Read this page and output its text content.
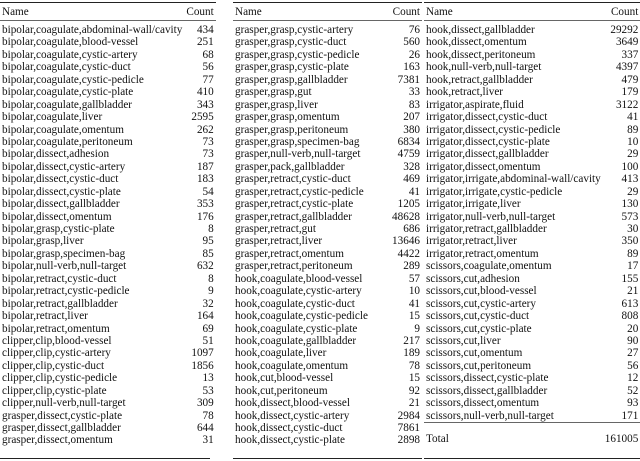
Name	Count
bipolar,coagulate,abdominal-wall/cavity	434
bipolar,coagulate,blood-vessel	251
bipolar,coagulate,cystic-artery	68
bipolar,coagulate,cystic-duct	56
bipolar,coagulate,cystic-pedicle	77
bipolar,coagulate,cystic-plate	410
bipolar,coagulate,gallbladder	343
bipolar,coagulate,liver	2595
bipolar,coagulate,omentum	262
bipolar,coagulate,peritoneum	73
bipolar,dissect,adhesion	73
bipolar,dissect,cystic-artery	187
bipolar,dissect,cystic-duct	183
bipolar,dissect,cystic-plate	54
bipolar,dissect,gallbladder	353
bipolar,dissect,omentum	176
bipolar,grasp,cystic-plate	8
bipolar,grasp,liver	95
bipolar,grasp,specimen-bag	85
bipolar,null-verb,null-target	632
bipolar,retract,cystic-duct	8
bipolar,retract,cystic-pedicle	9
bipolar,retract,gallbladder	32
bipolar,retract,liver	164
bipolar,retract,omentum	69
clipper,clip,blood-vessel	51
clipper,clip,cystic-artery	1097
clipper,clip,cystic-duct	1856
clipper,clip,cystic-pedicle	13
clipper,clip,cystic-plate	53
clipper,null-verb,null-target	309
grasper,dissect,cystic-plate	78
grasper,dissect,gallbladder	644
grasper,dissect,omentum	31
Name	Count
grasper,grasp,cystic-artery	76
grasper,grasp,cystic-duct	560
grasper,grasp,cystic-pedicle	26
grasper,grasp,cystic-plate	163
grasper,grasp,gallbladder	7381
grasper,grasp,gut	33
grasper,grasp,liver	83
grasper,grasp,omentum	207
grasper,grasp,peritoneum	380
grasper,grasp,specimen-bag	6834
grasper,null-verb,null-target	4759
grasper,pack,gallbladder	328
grasper,retract,cystic-duct	469
grasper,retract,cystic-pedicle	41
grasper,retract,cystic-plate	1205
grasper,retract,gallbladder	48628
grasper,retract,gut	686
grasper,retract,liver	13646
grasper,retract,omentum	4422
grasper,retract,peritoneum	289
hook,coagulate,blood-vessel	57
hook,coagulate,cystic-artery	10
hook,coagulate,cystic-duct	41
hook,coagulate,cystic-pedicle	15
hook,coagulate,cystic-plate	9
hook,coagulate,gallbladder	217
hook,coagulate,liver	189
hook,coagulate,omentum	78
hook,cut,blood-vessel	15
hook,cut,peritoneum	92
hook,dissect,blood-vessel	21
hook,dissect,cystic-artery	2984
hook,dissect,cystic-duct	7861
hook,dissect,cystic-plate	2898
Name	Count
hook,dissect,gallbladder	29292
hook,dissect,omentum	3649
hook,dissect,peritoneum	337
hook,null-verb,null-target	4397
hook,retract,gallbladder	479
hook,retract,liver	179
irrigator,aspirate,fluid	3122
irrigator,dissect,cystic-duct	41
irrigator,dissect,cystic-pedicle	89
irrigator,dissect,cystic-plate	10
irrigator,dissect,gallbladder	29
irrigator,dissect,omentum	100
irrigator,irrigate,abdominal-wall/cavity	413
irrigator,irrigate,cystic-pedicle	29
irrigator,irrigate,liver	130
irrigator,null-verb,null-target	573
irrigator,retract,gallbladder	30
irrigator,retract,liver	350
irrigator,retract,omentum	89
scissors,coagulate,omentum	17
scissors,cut,adhesion	155
scissors,cut,blood-vessel	21
scissors,cut,cystic-artery	613
scissors,cut,cystic-duct	808
scissors,cut,cystic-plate	20
scissors,cut,liver	90
scissors,cut,omentum	27
scissors,cut,peritoneum	56
scissors,dissect,cystic-plate	12
scissors,dissect,gallbladder	52
scissors,dissect,omentum	93
scissors,null-verb,null-target	171

Total	161005
